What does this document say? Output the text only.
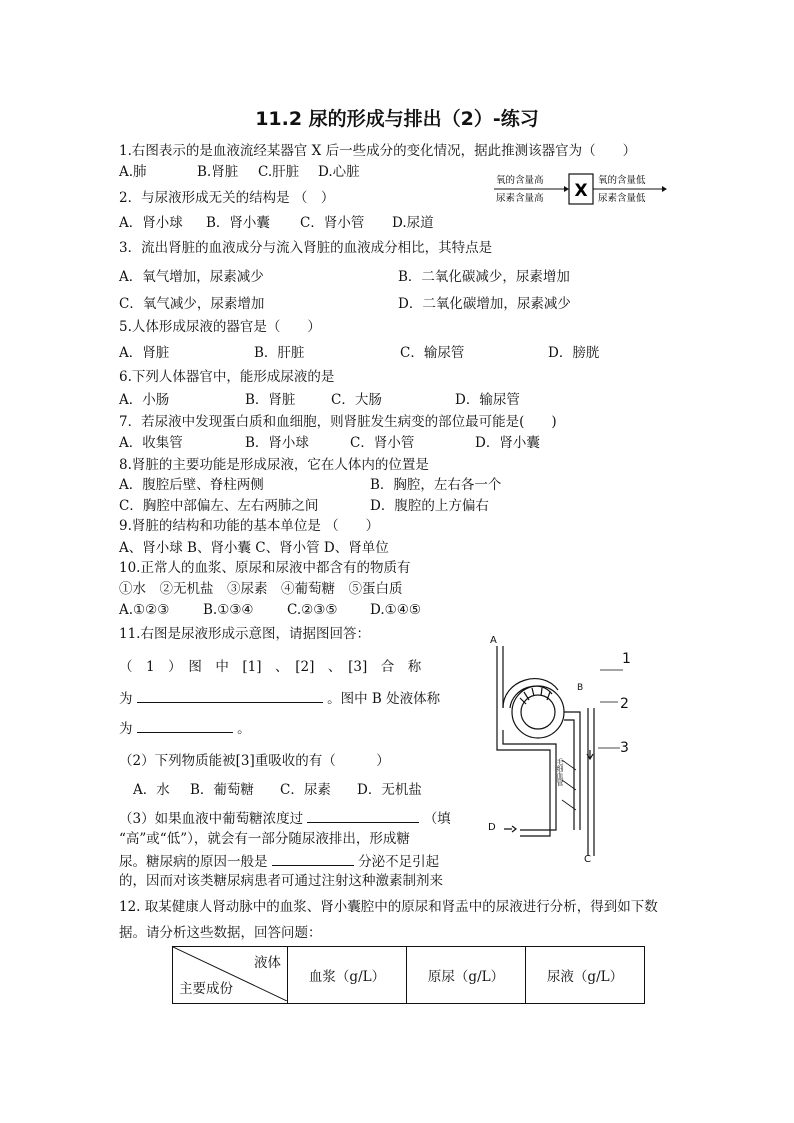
11.2 尿的形成与排出（2）-练习
1.右图表示的是血液流经某器官 X 后一些成分的变化情况，据此推测该器官为（　　）
A.肺	B.肾脏 C.肝脏 D.心脏
氧的含量高
尿素含量高 X
氧的含量低
尿素含量低
2．与尿液形成无关的结构是 （　）
A．肾小球 B．肾小囊 C．肾小管 D.尿道
3．流出肾脏的血液成分与流入肾脏的血液成分相比，其特点是
A．氧气增加，尿素减少	B．二氧化碳减少，尿素增加
C．氧气减少，尿素增加	D．二氧化碳增加，尿素减少
5.人体形成尿液的器官是（　　）
A．肾脏	B．肝脏	C．输尿管	D．膀胱
6.下列人体器官中，能形成尿液的是
A．小肠	B．肾脏	C．大肠	D．输尿管
7．若尿液中发现蛋白质和血细胞，则肾脏发生病变的部位最可能是(　　)
A．收集管	B．肾小球	C．肾小管	D．肾小囊
8.肾脏的主要功能是形成尿液，它在人体内的位置是
A．腹腔后壁、脊柱两侧	B．胸腔，左右各一个
C．胸腔中部偏左、左右两肺之间	D．腹腔的上方偏右
9.肾脏的结构和功能的基本单位是 （　　）
A、肾小球 B、肾小囊 C、肾小管 D、肾单位
10.正常人的血浆、原尿和尿液中都含有的物质有
①水　②无机盐　③尿素　④葡萄糖　⑤蛋白质
A.①②③ B.①③④ C.②③⑤ D.①④⑤
11.右图是尿液形成示意图，请据图回答：
（　1　）　图　中　[1]　、　[2]　、　[3]　合　称
为	。图中 B 处液体称
为	。
（2）下列物质能被[3]重吸收的有（　　　）
A．水 B．葡萄糖 C．尿素 D．无机盐
（3）如果血液中葡萄糖浓度过	（填
“高”或“低”），就会有一部分随尿液排出，形成糖
尿。糖尿病的原因一般是	分泌不足引起
的，因而对该类糖尿病患者可通过注射这种激素制剂来
A
B
D
C
1
2
3
毛细血管
12. 取某健康人肾动脉中的血浆、肾小囊腔中的原尿和肾盂中的尿液进行分析，得到如下数
据。请分析这些数据，回答问题：
液体
主要成份
	血浆（g/L）	原尿（g/L）	尿液（g/L）
